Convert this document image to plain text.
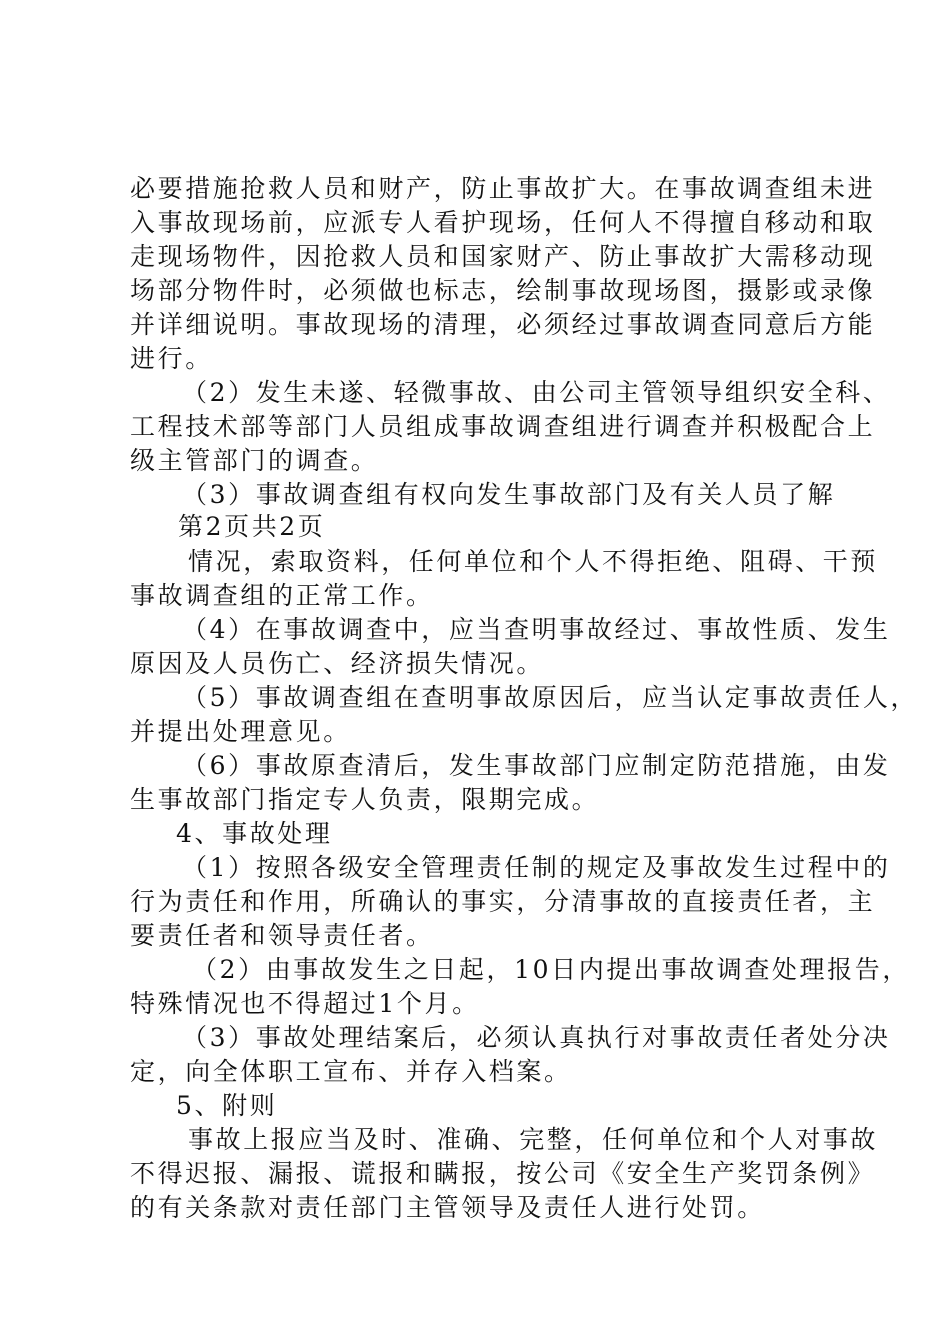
必要措施抢救人员和财产，防止事故扩大。在事故调查组未进
入事故现场前，应派专人看护现场，任何人不得擅自移动和取
走现场物件，因抢救人员和国家财产、防止事故扩大需移动现
场部分物件时，必须做也标志，绘制事故现场图，摄影或录像
并详细说明。事故现场的清理，必须经过事故调查同意后方能
进行。
（2）发生未遂、轻微事故、由公司主管领导组织安全科、
工程技术部等部门人员组成事故调查组进行调查并积极配合上
级主管部门的调查。
（3）事故调查组有权向发生事故部门及有关人员了解
第2页共2页
情况，索取资料，任何单位和个人不得拒绝、阻碍、干预
事故调查组的正常工作。
（4）在事故调查中，应当查明事故经过、事故性质、发生
原因及人员伤亡、经济损失情况。
（5）事故调查组在查明事故原因后，应当认定事故责任人，
并提出处理意见。
（6）事故原查清后，发生事故部门应制定防范措施，由发
生事故部门指定专人负责，限期完成。
4、事故处理
（1）按照各级安全管理责任制的规定及事故发生过程中的
行为责任和作用，所确认的事实，分清事故的直接责任者，主
要责任者和领导责任者。
（2）由事故发生之日起，10日内提出事故调查处理报告，
特殊情况也不得超过1个月。
（3）事故处理结案后，必须认真执行对事故责任者处分决
定，向全体职工宣布、并存入档案。
5、附则
事故上报应当及时、准确、完整，任何单位和个人对事故
不得迟报、漏报、谎报和瞒报，按公司《安全生产奖罚条例》
的有关条款对责任部门主管领导及责任人进行处罚。
